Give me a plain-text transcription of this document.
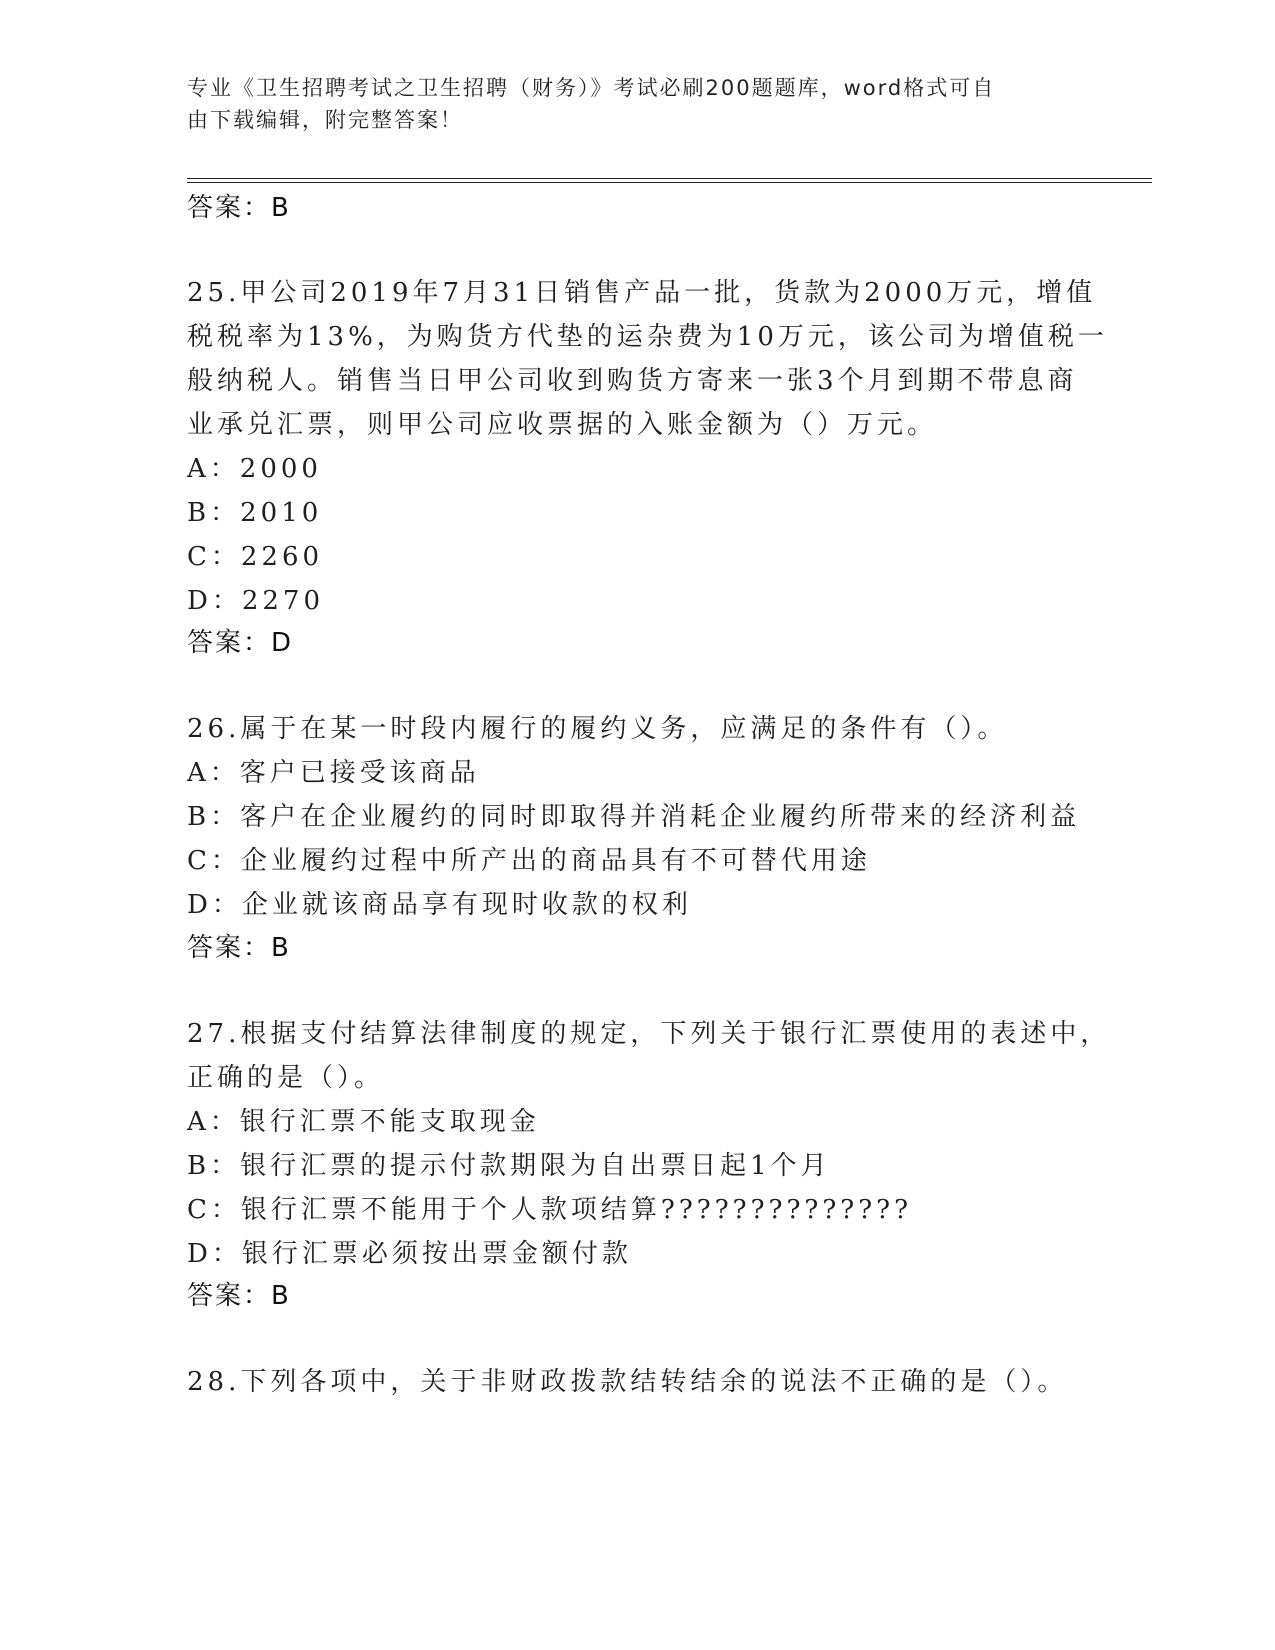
专业《卫生招聘考试之卫生招聘（财务）》考试必刷200题题库，word格式可自
由下载编辑，附完整答案！
答案：B
25.甲公司2019年7月31日销售产品一批，货款为2000万元，增值
税税率为13%，为购货方代垫的运杂费为10万元，该公司为增值税一
般纳税人。销售当日甲公司收到购货方寄来一张3个月到期不带息商
业承兑汇票，则甲公司应收票据的入账金额为（）万元。
A：2000
B：2010
C：2260
D：2270
答案：D
26.属于在某一时段内履行的履约义务，应满足的条件有（）。
A：客户已接受该商品
B：客户在企业履约的同时即取得并消耗企业履约所带来的经济利益
C：企业履约过程中所产出的商品具有不可替代用途
D：企业就该商品享有现时收款的权利
答案：B
27.根据支付结算法律制度的规定，下列关于银行汇票使用的表述中，
正确的是（）。
A：银行汇票不能支取现金
B：银行汇票的提示付款期限为自出票日起1个月
C：银行汇票不能用于个人款项结算??????????????
D：银行汇票必须按出票金额付款
答案：B
28.下列各项中，关于非财政拨款结转结余的说法不正确的是（）。
